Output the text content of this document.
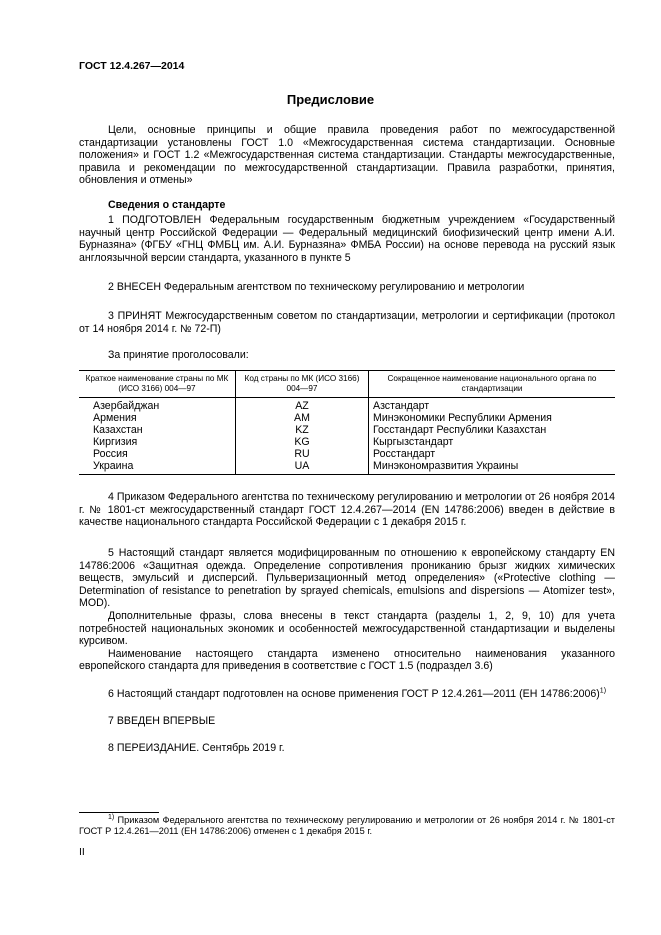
ГОСТ 12.4.267—2014
Предисловие

Цели, основные принципы и общие правила проведения работ по межгосударственной стандартизации установлены ГОСТ 1.0 «Межгосударственная система стандартизации. Основные положения» и ГОСТ 1.2 «Межгосударственная система стандартизации. Стандарты межгосударственные, правила и рекомендации по межгосударственной стандартизации. Правила разработки, принятия, обновления и отмены»

Сведения о стандарте

1 ПОДГОТОВЛЕН Федеральным государственным бюджетным учреждением «Государственный научный центр Российской Федерации — Федеральный медицинский биофизический центр имени А.И. Бурназяна» (ФГБУ «ГНЦ ФМБЦ им. А.И. Бурназяна» ФМБА России) на основе перевода на русский язык англоязычной версии стандарта, указанного в пункте 5

2 ВНЕСЕН Федеральным агентством по техническому регулированию и метрологии

3 ПРИНЯТ Межгосударственным советом по стандартизации, метрологии и сертификации (протокол от 14 ноября 2014 г. № 72-П)

За принятие проголосовали:

Краткое наименование страны по МК (ИСО 3166) 004—97	Код страны по МК (ИСО 3166) 004—97	Сокращенное наименование национального органа по стандартизации
Азербайджан	AZ	Азстандарт
Армения	AM	Минэкономики Республики Армения
Казахстан	KZ	Госстандарт Республики Казахстан
Киргизия	KG	Кыргызстандарт
Россия	RU	Росстандарт
Украина	UA	Минэкономразвития Украины

4 Приказом Федерального агентства по техническому регулированию и метрологии от 26 ноября 2014 г. № 1801-ст межгосударственный стандарт ГОСТ 12.4.267—2014 (EN 14786:2006) введен в действие в качестве национального стандарта Российской Федерации с 1 декабря 2015 г.

5 Настоящий стандарт является модифицированным по отношению к европейскому стандарту EN 14786:2006 «Защитная одежда. Определение сопротивления прониканию брызг жидких химических веществ, эмульсий и дисперсий. Пульверизационный метод определения» («Protective clothing — Determination of resistance to penetration by sprayed chemicals, emulsions and dispersions — Atomizer test», MOD).

Дополнительные фразы, слова внесены в текст стандарта (разделы 1, 2, 9, 10) для учета потребностей национальных экономик и особенностей межгосударственной стандартизации и выделены курсивом.

Наименование настоящего стандарта изменено относительно наименования указанного европейского стандарта для приведения в соответствие с ГОСТ 1.5 (подраздел 3.6)

6 Настоящий стандарт подготовлен на основе применения ГОСТ Р 12.4.261—2011 (ЕН 14786:2006)$^{1)}$

7 ВВЕДЕН ВПЕРВЫЕ

8 ПЕРЕИЗДАНИЕ. Сентябрь 2019 г.

$^{1)}$ Приказом Федерального агентства по техническому регулированию и метрологии от 26 ноября 2014 г. № 1801-ст ГОСТ Р 12.4.261—2011 (ЕН 14786:2006) отменен с 1 декабря 2015 г.

II
